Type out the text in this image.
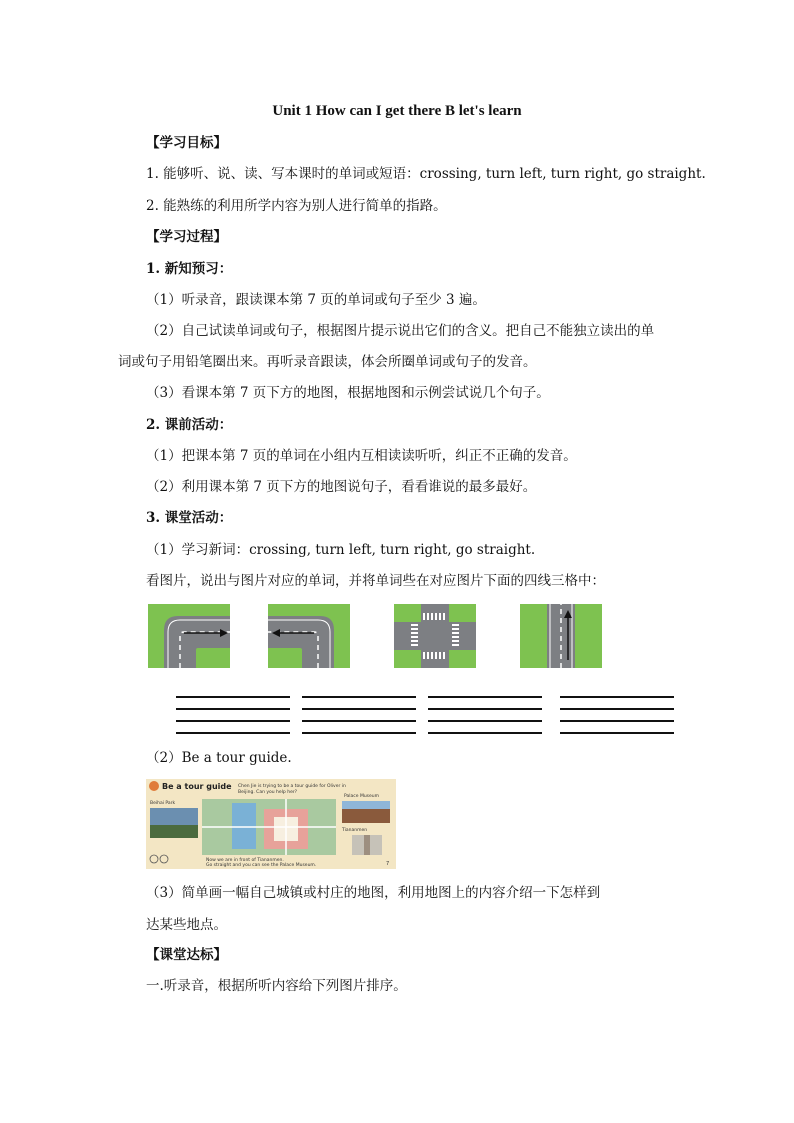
Unit 1 How can I get there B let's learn
【学习目标】
1. 能够听、说、读、写本课时的单词或短语：crossing, turn left, turn right, go straight.
2. 能熟练的利用所学内容为别人进行简单的指路。
【学习过程】
1. 新知预习：
（1）听录音，跟读课本第 7 页的单词或句子至少 3 遍。
（2）自己试读单词或句子，根据图片提示说出它们的含义。把自己不能独立读出的单
词或句子用铅笔圈出来。再听录音跟读，体会所圈单词或句子的发音。
（3）看课本第 7 页下方的地图，根据地图和示例尝试说几个句子。
2. 课前活动：
（1）把课本第 7 页的单词在小组内互相读读听听，纠正不正确的发音。
（2）利用课本第 7 页下方的地图说句子，看看谁说的最多最好。
3. 课堂活动：
（1）学习新词：crossing, turn left, turn right, go straight.
看图片，说出与图片对应的单词，并将单词些在对应图片下面的四线三格中：
（2）Be a tour guide.
Be a tour guide Chen Jie is trying to be a tour guide for Oliver in
Beijing. Can you help her?
Beihai Park
Palace Museum
Tiananmen
Now we are in front of Tiananmen.
Go straight and you can see the Palace Museum.	7
（3）简单画一幅自己城镇或村庄的地图，利用地图上的内容介绍一下怎样到
达某些地点。
【课堂达标】
一.听录音，根据所听内容给下列图片排序。
